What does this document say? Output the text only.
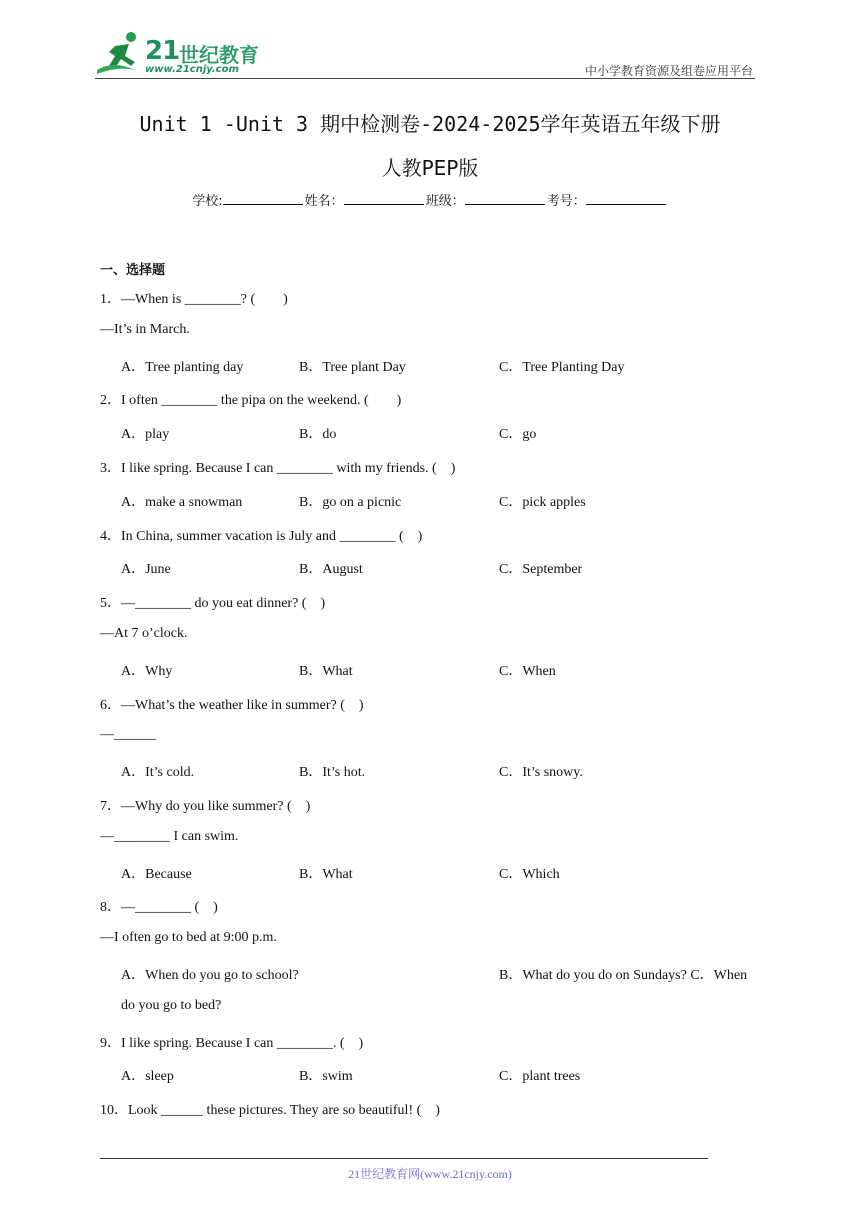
21 世纪教育
www.21cnjy.com	中小学教育资源及组卷应用平台
Unit 1 -Unit 3 期中检测卷-2024-2025学年英语五年级下册
人教PEP版
学校:	姓名：	班级：	考号：
一、选择题
1．—When is ________? (　　)
—It’s in March.
A．Tree planting day	B．Tree plant Day	C．Tree Planting Day
2．I often ________ the pipa on the weekend. (　　)
A．play	B．do	C．go
3．I like spring. Because I can ________ with my friends. (　)
A．make a snowman	B．go on a picnic	C．pick apples
4．In China, summer vacation is July and ________ (　)
A．June	B．August	C．September
5．—________ do you eat dinner? (　)
—At 7 o’clock.
A．Why	B．What	C．When
6．—What’s the weather like in summer? (　)
—______
A．It’s cold.	B．It’s hot.	C．It’s snowy.
7．—Why do you like summer? (　)
—________ I can swim.
A．Because	B．What	C．Which
8．—________ (　)
—I often go to bed at 9:00 p.m.
A．When do you go to school?	B．What do you do on Sundays? C．When
do you go to bed?
9．I like spring. Because I can ________. (　)
A．sleep	B．swim	C．plant trees
10．Look ______ these pictures. They are so beautiful! (　)
21世纪教育网(www.21cnjy.com)
